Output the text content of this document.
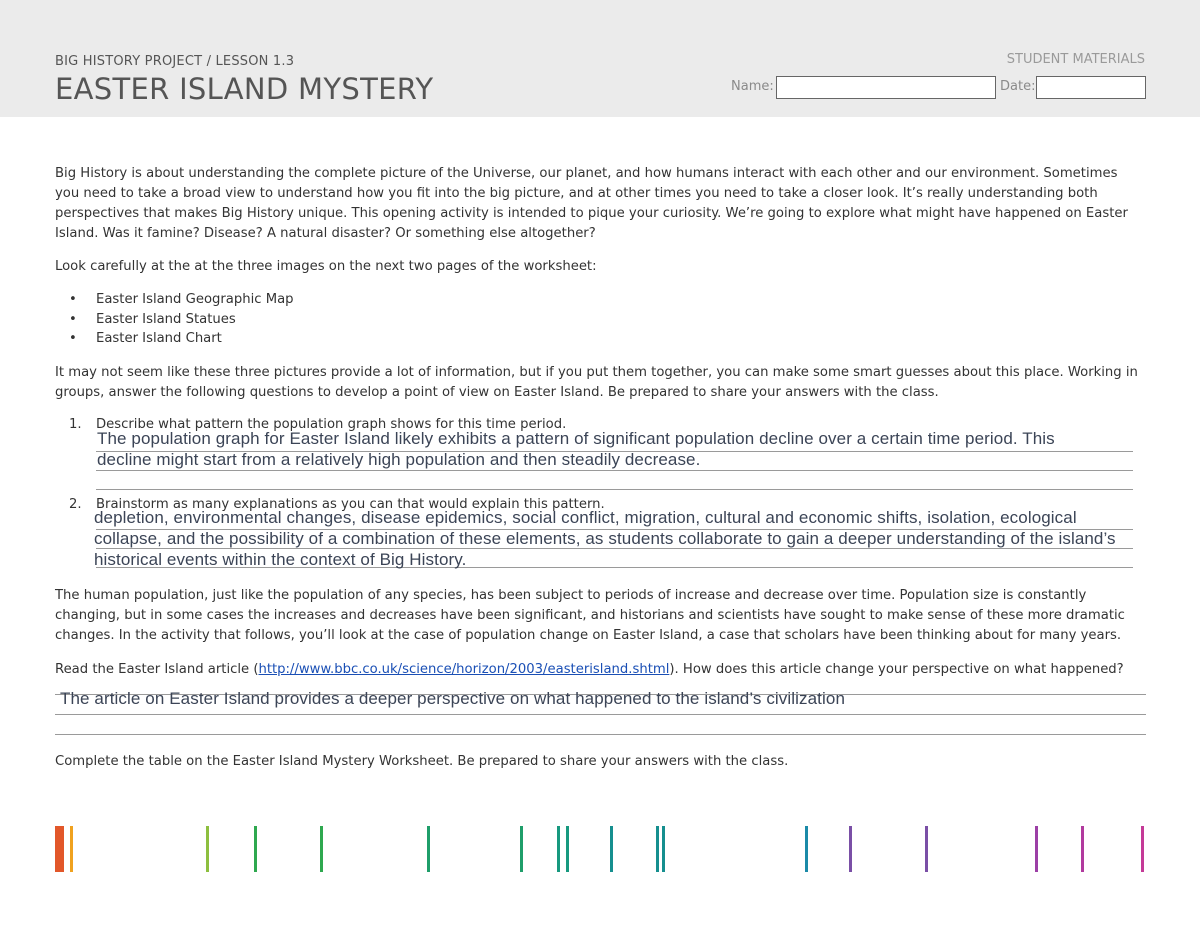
BIG HISTORY PROJECT / LESSON 1.3
EASTER ISLAND MYSTERY
STUDENT MATERIALS
Name:	Date:
Big History is about understanding the complete picture of the Universe, our planet, and how humans interact with each other and our environment. Sometimes
you need to take a broad view to understand how you fit into the big picture, and at other times you need to take a closer look. It’s really understanding both
perspectives that makes Big History unique. This opening activity is intended to pique your curiosity. We’re going to explore what might have happened on Easter
Island. Was it famine? Disease? A natural disaster? Or something else altogether?
Look carefully at the at the three images on the next two pages of the worksheet:
• Easter Island Geographic Map
• Easter Island Statues
• Easter Island Chart
It may not seem like these three pictures provide a lot of information, but if you put them together, you can make some smart guesses about this place. Working in
groups, answer the following questions to develop a point of view on Easter Island. Be prepared to share your answers with the class.
1. Describe what pattern the population graph shows for this time period.
The population graph for Easter Island likely exhibits a pattern of significant population decline over a certain time period. This
decline might start from a relatively high population and then steadily decrease.
2. Brainstorm as many explanations as you can that would explain this pattern.
depletion, environmental changes, disease epidemics, social conflict, migration, cultural and economic shifts, isolation, ecological
collapse, and the possibility of a combination of these elements, as students collaborate to gain a deeper understanding of the island’s
historical events within the context of Big History.
The human population, just like the population of any species, has been subject to periods of increase and decrease over time. Population size is constantly
changing, but in some cases the increases and decreases have been significant, and historians and scientists have sought to make sense of these more dramatic
changes. In the activity that follows, you’ll look at the case of population change on Easter Island, a case that scholars have been thinking about for many years.
Read the Easter Island article (http://www.bbc.co.uk/science/horizon/2003/easterisland.shtml). How does this article change your perspective on what happened?
The article on Easter Island provides a deeper perspective on what happened to the island’s civilization
Complete the table on the Easter Island Mystery Worksheet. Be prepared to share your answers with the class.
